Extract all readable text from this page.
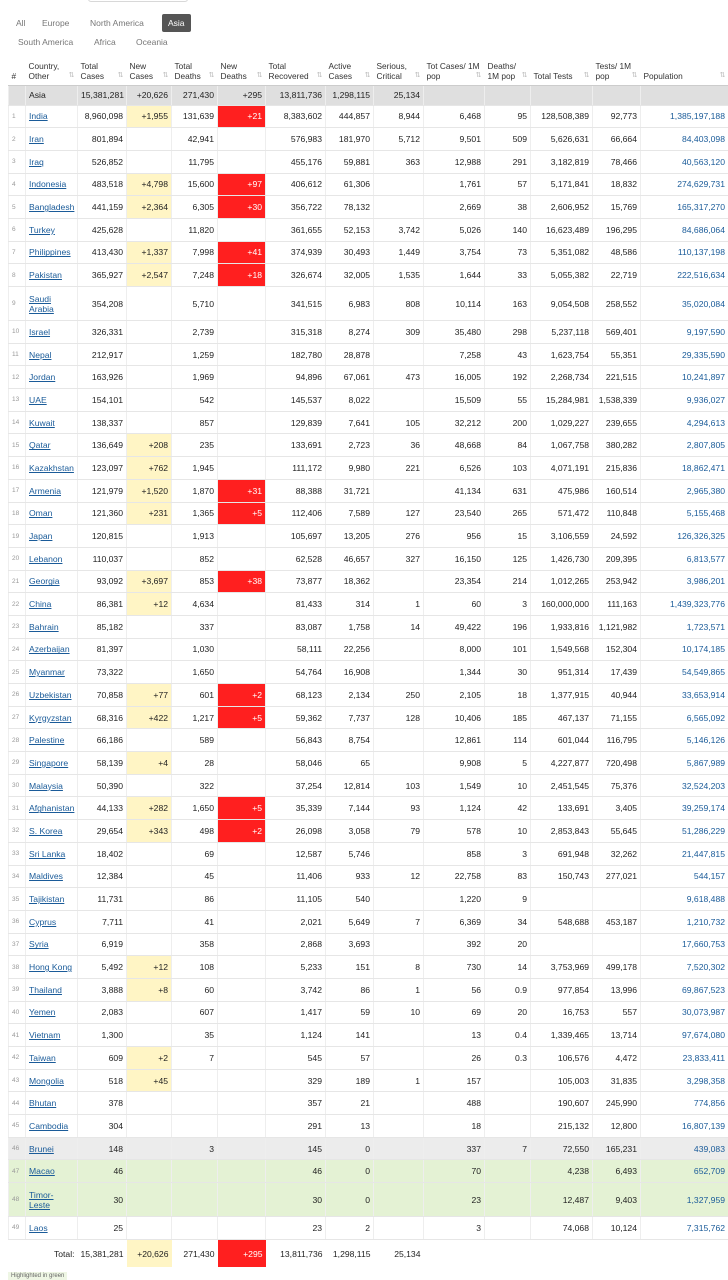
All	Europe	North America	Asia
South America	Africa	Oceania
#	Country, Other ⇅	Total Cases ⇅	New Cases ⇅	Total Deaths ⇅	New Deaths ⇅	Total Recovered ⇅	Active Cases ⇅	Serious, Critical ⇅	Tot Cases/ 1M pop ⇅	Deaths/ 1M pop ⇅	Total Tests ⇅	Tests/ 1M pop ⇅	Population ⇅

	Asia	15,381,281	+20,626	271,430	+295	13,811,736	1,298,115	25,134					
1	India	8,960,098	+1,955	131,639	+21	8,383,602	444,857	8,944	6,468	95	128,508,389	92,773	1,385,197,188
2	Iran	801,894		42,941		576,983	181,970	5,712	9,501	509	5,626,631	66,664	84,403,098
3	Iraq	526,852		11,795		455,176	59,881	363	12,988	291	3,182,819	78,466	40,563,120
4	Indonesia	483,518	+4,798	15,600	+97	406,612	61,306		1,761	57	5,171,841	18,832	274,629,731
5	Bangladesh	441,159	+2,364	6,305	+30	356,722	78,132		2,669	38	2,606,952	15,769	165,317,270
6	Turkey	425,628		11,820		361,655	52,153	3,742	5,026	140	16,623,489	196,295	84,686,064
7	Philippines	413,430	+1,337	7,998	+41	374,939	30,493	1,449	3,754	73	5,351,082	48,586	110,137,198
8	Pakistan	365,927	+2,547	7,248	+18	326,674	32,005	1,535	1,644	33	5,055,382	22,719	222,516,634
9	Saudi Arabia	354,208		5,710		341,515	6,983	808	10,114	163	9,054,508	258,552	35,020,084
10	Israel	326,331		2,739		315,318	8,274	309	35,480	298	5,237,118	569,401	9,197,590
11	Nepal	212,917		1,259		182,780	28,878		7,258	43	1,623,754	55,351	29,335,590
12	Jordan	163,926		1,969		94,896	67,061	473	16,005	192	2,268,734	221,515	10,241,897
13	UAE	154,101		542		145,537	8,022		15,509	55	15,284,981	1,538,339	9,936,027
14	Kuwait	138,337		857		129,839	7,641	105	32,212	200	1,029,227	239,655	4,294,613
15	Qatar	136,649	+208	235		133,691	2,723	36	48,668	84	1,067,758	380,282	2,807,805
16	Kazakhstan	123,097	+762	1,945		111,172	9,980	221	6,526	103	4,071,191	215,836	18,862,471
17	Armenia	121,979	+1,520	1,870	+31	88,388	31,721		41,134	631	475,986	160,514	2,965,380
18	Oman	121,360	+231	1,365	+5	112,406	7,589	127	23,540	265	571,472	110,848	5,155,468
19	Japan	120,815		1,913		105,697	13,205	276	956	15	3,106,559	24,592	126,326,325
20	Lebanon	110,037		852		62,528	46,657	327	16,150	125	1,426,730	209,395	6,813,577
21	Georgia	93,092	+3,697	853	+38	73,877	18,362		23,354	214	1,012,265	253,942	3,986,201
22	China	86,381	+12	4,634		81,433	314	1	60	3	160,000,000	111,163	1,439,323,776
23	Bahrain	85,182		337		83,087	1,758	14	49,422	196	1,933,816	1,121,982	1,723,571
24	Azerbaijan	81,397		1,030		58,111	22,256		8,000	101	1,549,568	152,304	10,174,185
25	Myanmar	73,322		1,650		54,764	16,908		1,344	30	951,314	17,439	54,549,865
26	Uzbekistan	70,858	+77	601	+2	68,123	2,134	250	2,105	18	1,377,915	40,944	33,653,914
27	Kyrgyzstan	68,316	+422	1,217	+5	59,362	7,737	128	10,406	185	467,137	71,155	6,565,092
28	Palestine	66,186		589		56,843	8,754		12,861	114	601,044	116,795	5,146,126
29	Singapore	58,139	+4	28		58,046	65		9,908	5	4,227,877	720,498	5,867,989
30	Malaysia	50,390		322		37,254	12,814	103	1,549	10	2,451,545	75,376	32,524,203
31	Afghanistan	44,133	+282	1,650	+5	35,339	7,144	93	1,124	42	133,691	3,405	39,259,174
32	S. Korea	29,654	+343	498	+2	26,098	3,058	79	578	10	2,853,843	55,645	51,286,229
33	Sri Lanka	18,402		69		12,587	5,746		858	3	691,948	32,262	21,447,815
34	Maldives	12,384		45		11,406	933	12	22,758	83	150,743	277,021	544,157
35	Tajikistan	11,731		86		11,105	540		1,220	9			9,618,488
36	Cyprus	7,711		41		2,021	5,649	7	6,369	34	548,688	453,187	1,210,732
37	Syria	6,919		358		2,868	3,693		392	20			17,660,753
38	Hong Kong	5,492	+12	108		5,233	151	8	730	14	3,753,969	499,178	7,520,302
39	Thailand	3,888	+8	60		3,742	86	1	56	0.9	977,854	13,996	69,867,523
40	Yemen	2,083		607		1,417	59	10	69	20	16,753	557	30,073,987
41	Vietnam	1,300		35		1,124	141		13	0.4	1,339,465	13,714	97,674,080
42	Taiwan	609	+2	7		545	57		26	0.3	106,576	4,472	23,833,411
43	Mongolia	518	+45			329	189	1	157		105,003	31,835	3,298,358
44	Bhutan	378				357	21		488		190,607	245,990	774,856
45	Cambodia	304				291	13		18		215,132	12,800	16,807,139
46	Brunei	148		3		145	0		337	7	72,550	165,231	439,083
47	Macao	46				46	0		70		4,238	6,493	652,709
48	Timor-Leste	30				30	0		23		12,487	9,403	1,327,959
49	Laos	25				23	2		3		74,068	10,124	7,315,762
	Total:	15,381,281	+20,626	271,430	+295	13,811,736	1,298,115	25,134					
Highlighted in green
